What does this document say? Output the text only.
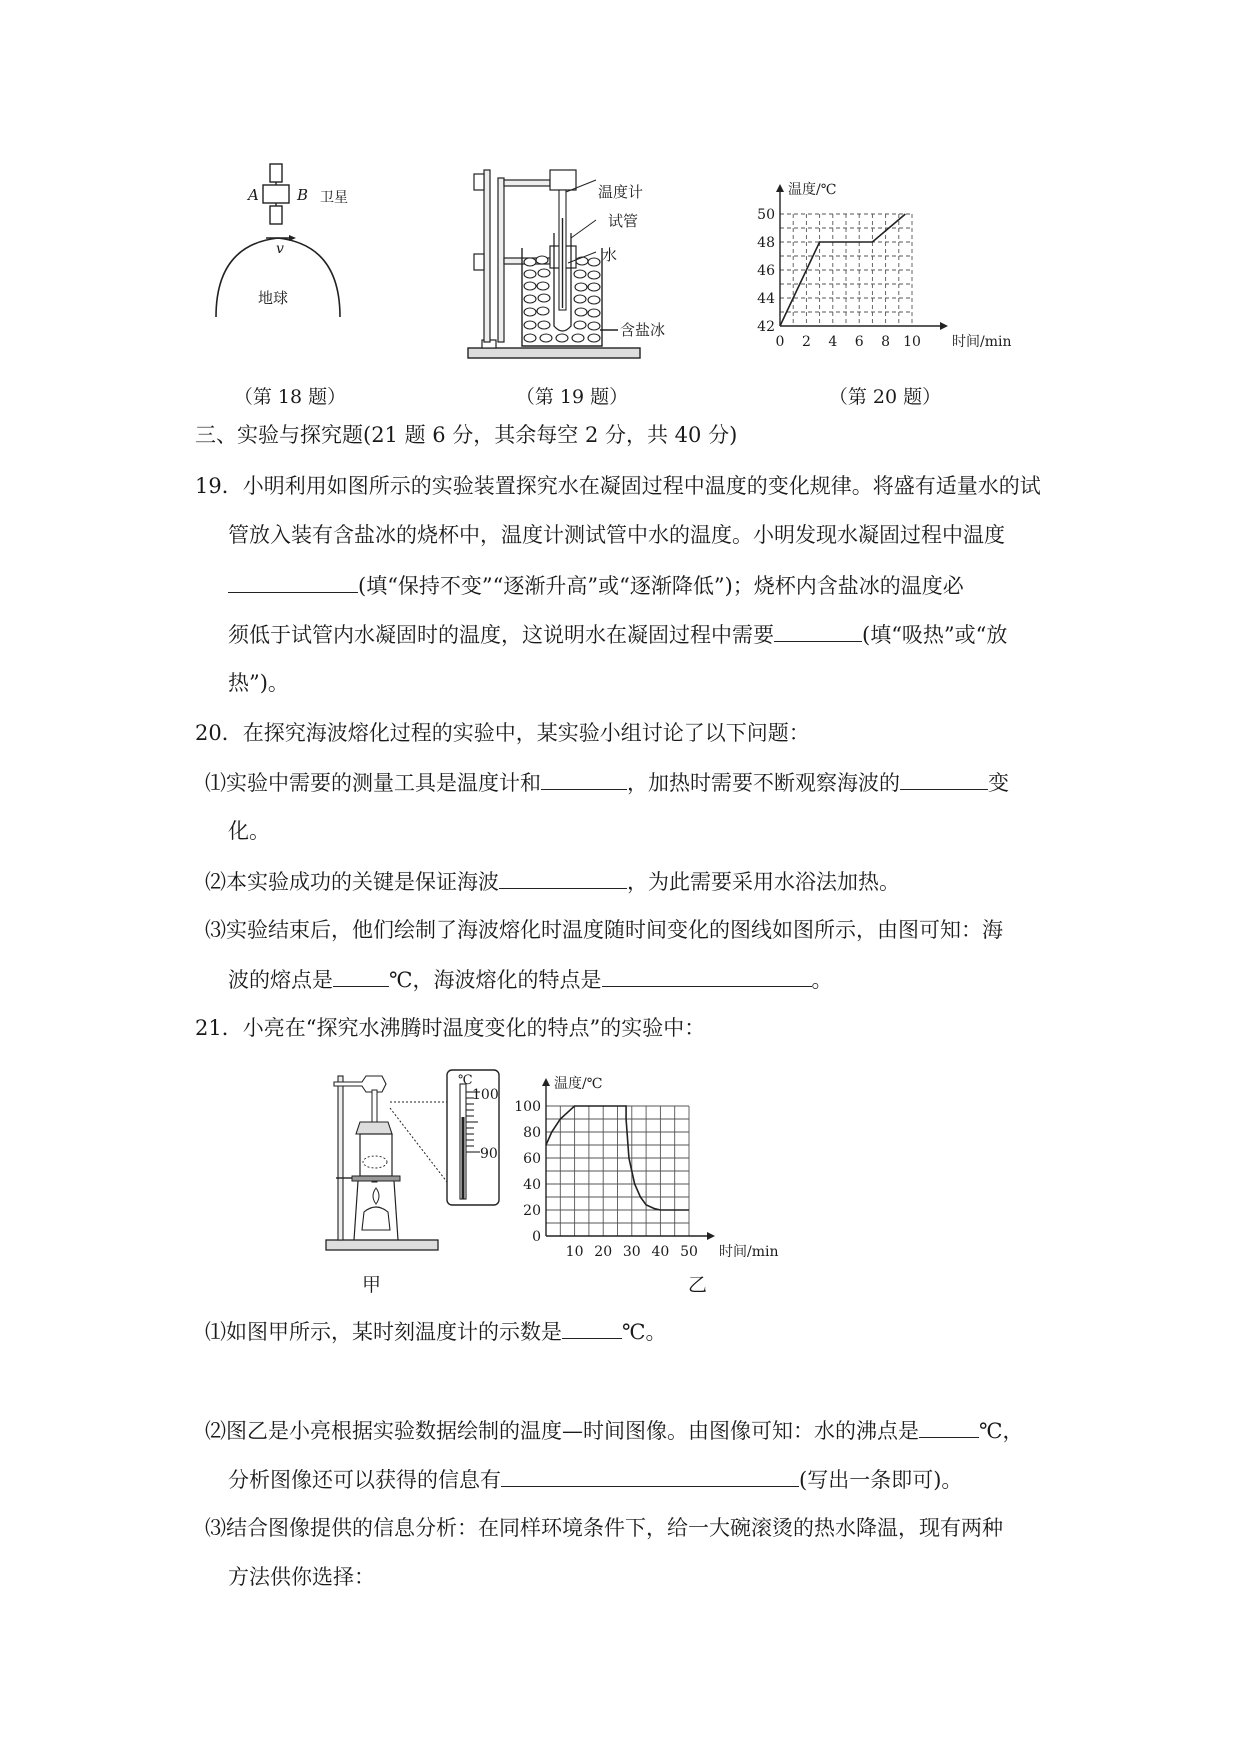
A	B 卫星
v
地球
（第 18 题）
温度计
试管
水
含盐冰
（第 19 题）
0 2 4 6 8 10
42
44
46
48
50
温度/℃
时间/min
（第 20 题）
三、实验与探究题(21 题 6 分，其余每空 2 分，共 40 分)
19．小明利用如图所示的实验装置探究水在凝固过程中温度的变化规律。将盛有适量水的试
管放入装有含盐冰的烧杯中，温度计测试管中水的温度。小明发现水凝固过程中温度
(填“保持不变”“逐渐升高”或“逐渐降低”)；烧杯内含盐冰的温度必
须低于试管内水凝固时的温度，这说明水在凝固过程中需要	(填“吸热”或“放
热”)。
20．在探究海波熔化过程的实验中，某实验小组讨论了以下问题：
⑴实验中需要的测量工具是温度计和	，加热时需要不断观察海波的	变
化。
⑵本实验成功的关键是保证海波	，为此需要采用水浴法加热。
⑶实验结束后，他们绘制了海波熔化时温度随时间变化的图线如图所示，由图可知：海
波的熔点是	℃，海波熔化的特点是	。
21．小亮在“探究水沸腾时温度变化的特点”的实验中：
℃
100
90
甲
10 20 30 40 50
0
20
40
60
80
100
温度/℃
时间/min
乙
⑴如图甲所示，某时刻温度计的示数是	℃。
⑵图乙是小亮根据实验数据绘制的温度—时间图像。由图像可知：水的沸点是	℃，
分析图像还可以获得的信息有	(写出一条即可)。
⑶结合图像提供的信息分析：在同样环境条件下，给一大碗滚烫的热水降温，现有两种
方法供你选择：
